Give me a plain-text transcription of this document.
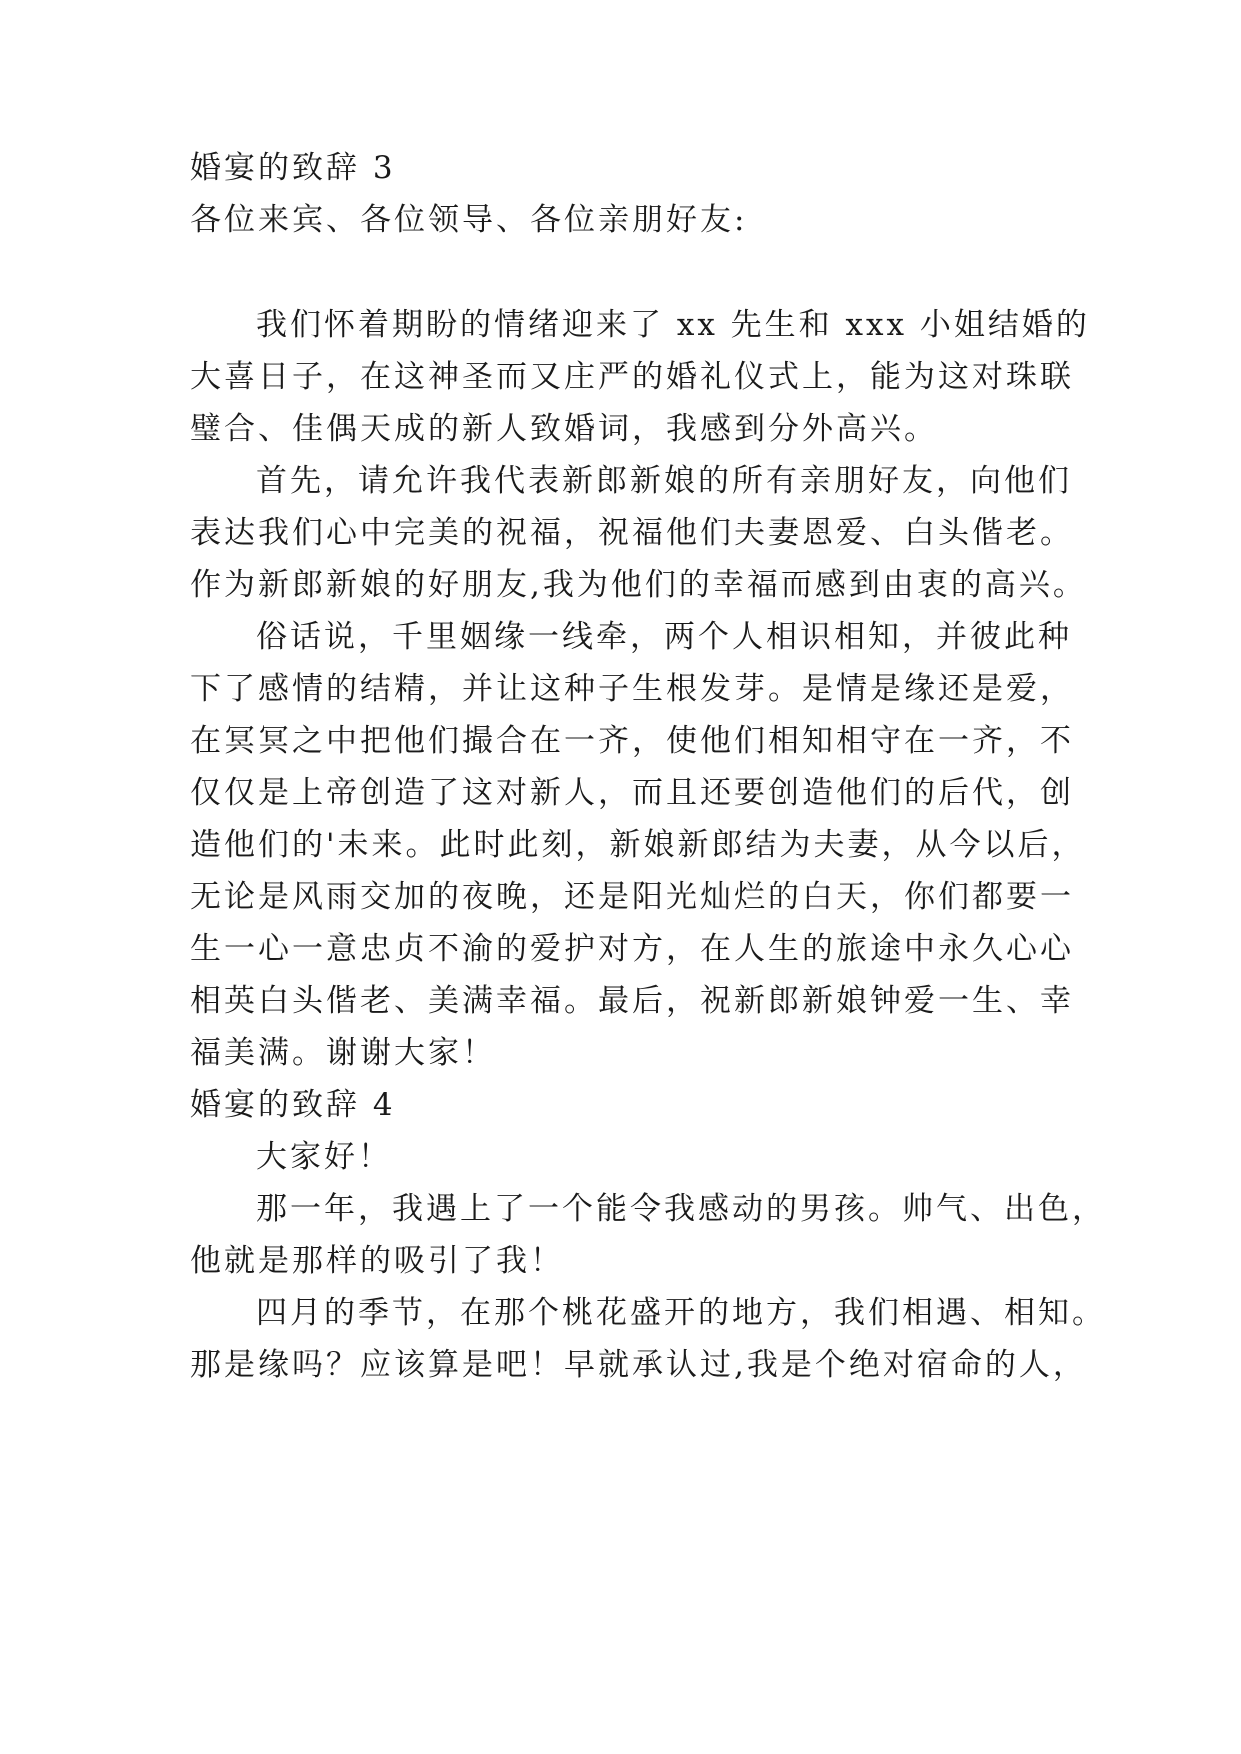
婚宴的致辞 3
各位来宾、各位领导、各位亲朋好友:
我们怀着期盼的情绪迎来了 xx 先生和 xxx 小姐结婚的
大喜日子，在这神圣而又庄严的婚礼仪式上，能为这对珠联
璧合、佳偶天成的新人致婚词，我感到分外高兴。
首先，请允许我代表新郎新娘的所有亲朋好友，向他们
表达我们心中完美的祝福，祝福他们夫妻恩爱、白头偕老。
作为新郎新娘的好朋友,我为他们的幸福而感到由衷的高兴。
俗话说，千里姻缘一线牵，两个人相识相知，并彼此种
下了感情的结精，并让这种子生根发芽。是情是缘还是爱，
在冥冥之中把他们撮合在一齐，使他们相知相守在一齐，不
仅仅是上帝创造了这对新人，而且还要创造他们的后代，创
造他们的'未来。此时此刻，新娘新郎结为夫妻，从今以后，
无论是风雨交加的夜晚，还是阳光灿烂的白天，你们都要一
生一心一意忠贞不渝的爱护对方，在人生的旅途中永久心心
相英白头偕老、美满幸福。最后，祝新郎新娘钟爱一生、幸
福美满。谢谢大家！
婚宴的致辞 4
大家好！
那一年，我遇上了一个能令我感动的男孩。帅气、出色，
他就是那样的吸引了我！
四月的季节，在那个桃花盛开的地方，我们相遇、相知。
那是缘吗？应该算是吧！早就承认过,我是个绝对宿命的人，
